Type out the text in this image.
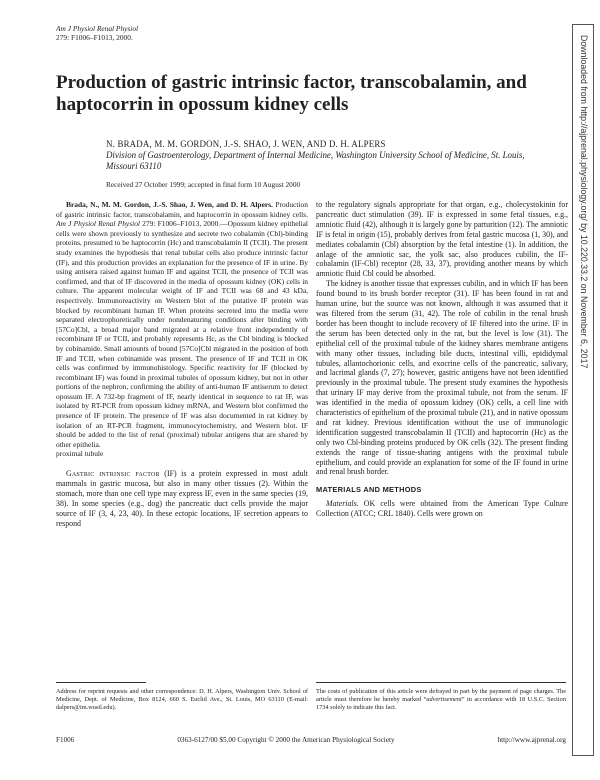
Am J Physiol Renal Physiol
279: F1006–F1013, 2000.	Downloaded from http://ajprenal.physiology.org/ by 10.220.33.2 on November 6, 2017
Production of gastric intrinsic factor, transcobalamin, and haptocorrin in opossum kidney cells
N. BRADA, M. M. GORDON, J.-S. SHAO, J. WEN, AND D. H. ALPERS
Division of Gastroenterology, Department of Internal Medicine, Washington University School of Medicine, St. Louis, Missouri 63110
Received 27 October 1999; accepted in final form 10 August 2000

Brada, N., M. M. Gordon, J.-S. Shao, J. Wen, and D. H. Alpers. Production of gastric intrinsic factor, transcobalamin, and haptocorrin in opossum kidney cells. Am J Physiol Renal Physiol 279: F1006–F1013, 2000.—Opossum kidney epithelial cells were shown previously to synthesize and secrete two cobalamin (Cbl)-binding proteins, presumed to be haptocorrin (Hc) and transcobalamin II (TCII). The present study examines the hypothesis that renal tubular cells also produce intrinsic factor (IF), and this production provides an explanation for the presence of IF in urine. By using antisera raised against human IF and against TCII, the presence of TCII was confirmed, and that of IF discovered in the media of opossum kidney (OK) cells in culture. The apparent molecular weight of IF and TCII was 68 and 43 kDa, respectively. Immunoreactivity on Western blot of the putative IF protein was blocked by recombinant human IF. When proteins secreted into the media were separated electrophoretically under nondenaturing conditions after binding with [57Co]Cbl, a broad major band migrated at a relative front independently of recombinant IF or TCII, and probably represents Hc, as the Cbl binding is blocked by cobinamide. Small amounts of bound [57Co]Cbl migrated in the position of both IF and TCII, when cobinamide was present. The presence of IF and TCII in OK cells was confirmed by immunohistology. Specific reactivity for IF (blocked by recombinant IF) was found in proximal tubules of opossum kidney, but not in other portions of the nephron, confirming the ability of anti-human IF antiserum to detect opossum IF. A 732-bp fragment of IF, nearly identical in sequence to rat IF, was isolated by RT-PCR from opossum kidney mRNA, and Western blot confirmed the presence of IF protein. The presence of IF was also documented in rat kidney by isolation of an RT-PCR fragment, immunocytochemistry, and Western blot. IF should be added to the list of renal (proximal) tubular antigens that are shared by other epithelia.

proximal tubule

Gastric intrinsic factor (IF) is a protein expressed in most adult mammals in gastric mucosa, but also in many other tissues (2). Within the stomach, more than one cell type may express IF, even in the same species (19, 38). In some species (e.g., dog) the pancreatic duct cells provide the major source of IF (3, 4, 23, 40). In these ectopic locations, IF secretion appears to respond

to the regulatory signals appropriate for that organ, e.g., cholecystokinin for pancreatic duct stimulation (39). IF is expressed in some fetal tissues, e.g., amniotic fluid (42), although it is largely gone by parturition (12). The amniotic IF is fetal in origin (15), probably derives from fetal gastric mucosa (1, 30), and mediates cobalamin (Cbl) absorption by the fetal intestine (1). In addition, the anlage of the amniotic sac, the yolk sac, also produces cubilin, the IF-cobalamin (IF-Cbl) receptor (28, 33, 37), providing another means by which amniotic fluid Cbl could be absorbed.

The kidney is another tissue that expresses cubilin, and in which IF has been found bound to its brush border receptor (31). IF has been found in rat and human urine, but the source was not known, although it was assumed that it was filtered from the serum (31, 42). The role of cubilin in the renal brush border has been thought to include recovery of IF filtered into the urine. IF in the serum has been detected only in the rat, but the level is low (31). The epithelial cell of the proximal tubule of the kidney shares membrane antigens with many other tissues, including bile ducts, intestinal villi, epididymal tubules, allantochorionic cells, and exocrine cells of the pancreatic, salivary, and lacrimal glands (7, 27); however, gastric antigens have not been identified previously in the proximal tubule. The present study examines the hypothesis that urinary IF may derive from the proximal tubule, not from the serum. IF was identified in the media of opossum kidney (OK) cells, a cell line with characteristics of epithelium of the proximal tubule (21), and in native opossum and rat kidney. Previous identification without the use of immunologic identification suggested transcobalamin II (TCII) and haptocorrin (Hc) as the only two Cbl-binding proteins produced by OK cells (32). The present finding extends the range of tissue-sharing antigens with the proximal tubule epithelium, and could provide an explanation for some of the IF found in urine and renal brush border.

MATERIALS AND METHODS

Materials. OK cells were obtained from the American Type Culture Collection (ATCC; CRL 1840). Cells were grown on

Address for reprint requests and other correspondence: D. H. Alpers, Washington Univ. School of Medicine, Dept. of Medicine, Box 8124, 660 S. Euclid Ave., St. Louis, MO 63110 (E-mail: dalpers@im.wustl.edu).
The costs of publication of this article were defrayed in part by the payment of page charges. The article must therefore be hereby marked “advertisement” in accordance with 18 U.S.C. Section 1734 solely to indicate this fact.
F1006	0363-6127/00 $5.00 Copyright © 2000 the American Physiological Society	http://www.ajprenal.org
